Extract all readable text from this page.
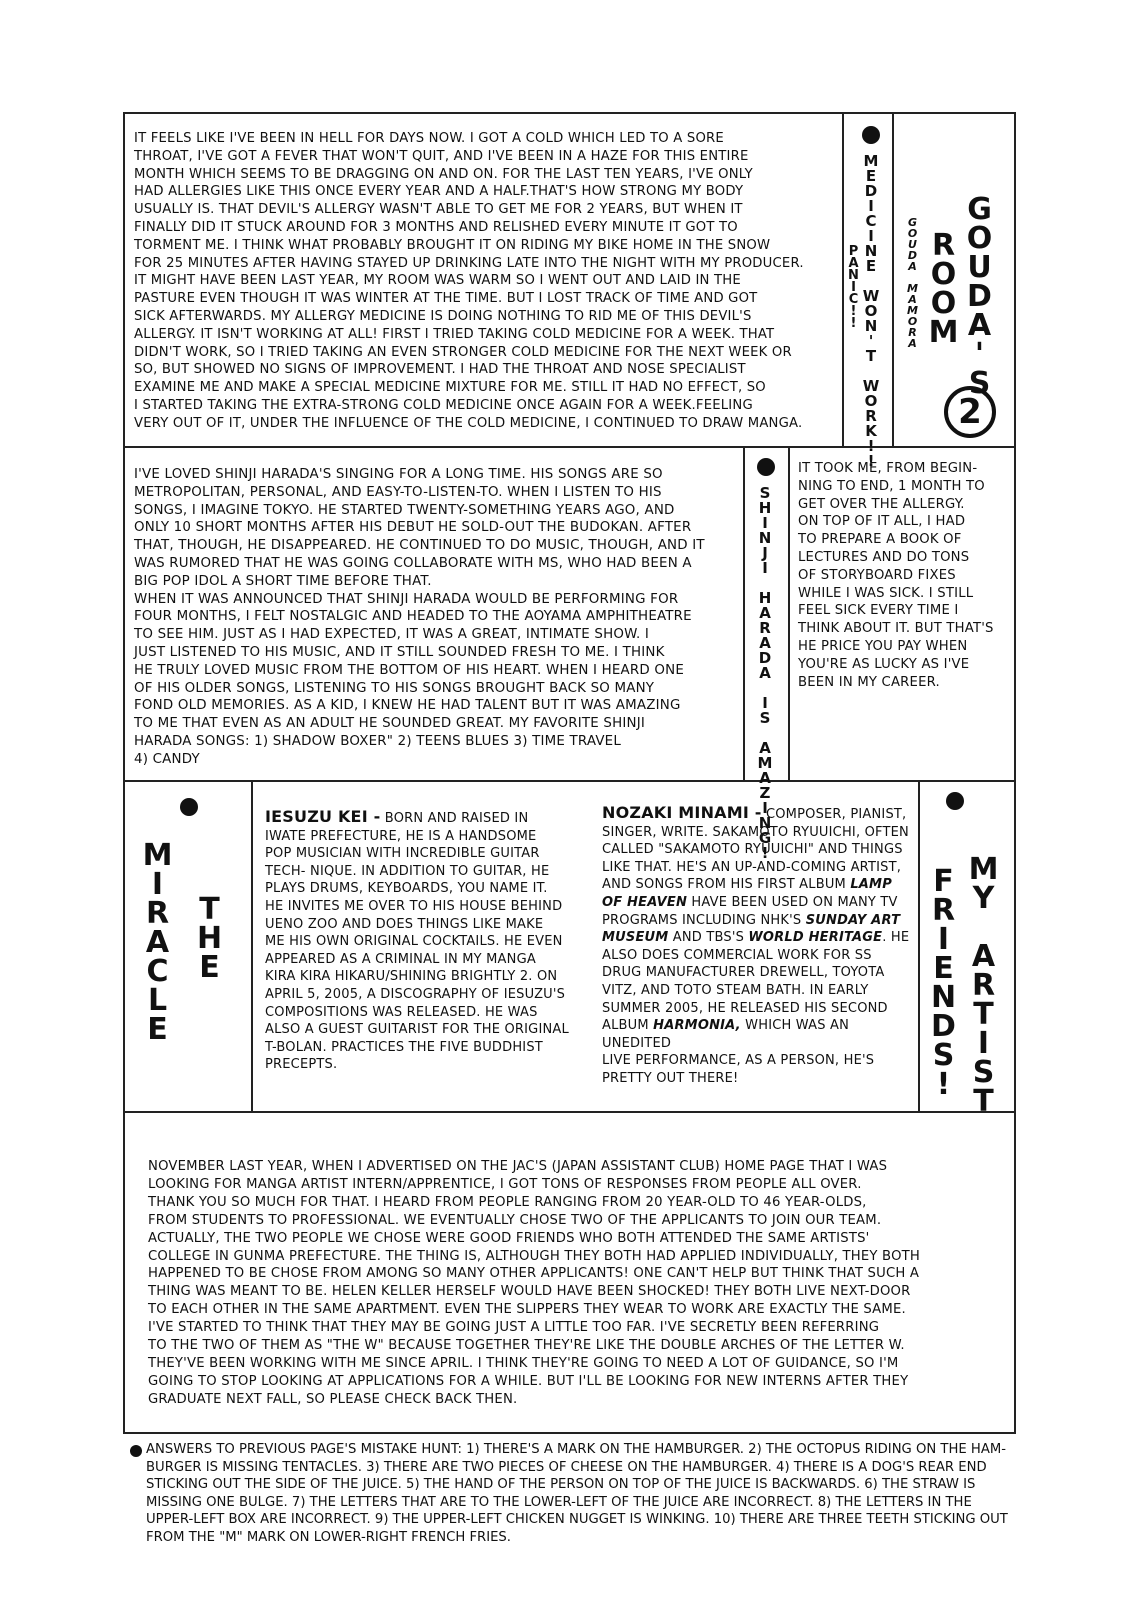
IT FEELS LIKE I'VE BEEN IN HELL FOR DAYS NOW. I GOT A COLD WHICH LED TO A SORE
THROAT, I'VE GOT A FEVER THAT WON'T QUIT, AND I'VE BEEN IN A HAZE FOR THIS ENTIRE
MONTH WHICH SEEMS TO BE DRAGGING ON AND ON. FOR THE LAST TEN YEARS, I'VE ONLY
HAD ALLERGIES LIKE THIS ONCE EVERY YEAR AND A HALF.THAT'S HOW STRONG MY BODY
USUALLY IS. THAT DEVIL'S ALLERGY WASN'T ABLE TO GET ME FOR 2 YEARS, BUT WHEN IT
FINALLY DID IT STUCK AROUND FOR 3 MONTHS AND RELISHED EVERY MINUTE IT GOT TO
TORMENT ME. I THINK WHAT PROBABLY BROUGHT IT ON RIDING MY BIKE HOME IN THE SNOW
FOR 25 MINUTES AFTER HAVING STAYED UP DRINKING LATE INTO THE NIGHT WITH MY PRODUCER.
IT MIGHT HAVE BEEN LAST YEAR, MY ROOM WAS WARM SO I WENT OUT AND LAID IN THE
PASTURE EVEN THOUGH IT WAS WINTER AT THE TIME. BUT I LOST TRACK OF TIME AND GOT
SICK AFTERWARDS. MY ALLERGY MEDICINE IS DOING NOTHING TO RID ME OF THIS DEVIL'S
ALLERGY. IT ISN'T WORKING AT ALL! FIRST I TRIED TAKING COLD MEDICINE FOR A WEEK. THAT
DIDN'T WORK, SO I TRIED TAKING AN EVEN STRONGER COLD MEDICINE FOR THE NEXT WEEK OR
SO, BUT SHOWED NO SIGNS OF IMPROVEMENT. I HAD THE THROAT AND NOSE SPECIALIST
EXAMINE ME AND MAKE A SPECIAL MEDICINE MIXTURE FOR ME. STILL IT HAD NO EFFECT, SO
I STARTED TAKING THE EXTRA-STRONG COLD MEDICINE ONCE AGAIN FOR A WEEK.FEELING
VERY OUT OF IT, UNDER THE INFLUENCE OF THE COLD MEDICINE, I CONTINUED TO DRAW MANGA.	MEDICINE WON'T WORK!!
PANIC!!	GOUDA'S
ROOM
GOUDA MAMORA
2
I'VE LOVED SHINJI HARADA'S SINGING FOR A LONG TIME. HIS SONGS ARE SO
METROPOLITAN, PERSONAL, AND EASY-TO-LISTEN-TO. WHEN I LISTEN TO HIS
SONGS, I IMAGINE TOKYO. HE STARTED TWENTY-SOMETHING YEARS AGO, AND
ONLY 10 SHORT MONTHS AFTER HIS DEBUT HE SOLD-OUT THE BUDOKAN. AFTER
THAT, THOUGH, HE DISAPPEARED. HE CONTINUED TO DO MUSIC, THOUGH, AND IT
WAS RUMORED THAT HE WAS GOING COLLABORATE WITH MS, WHO HAD BEEN A
BIG POP IDOL A SHORT TIME BEFORE THAT.
WHEN IT WAS ANNOUNCED THAT SHINJI HARADA WOULD BE PERFORMING FOR
FOUR MONTHS, I FELT NOSTALGIC AND HEADED TO THE AOYAMA AMPHITHEATRE
TO SEE HIM. JUST AS I HAD EXPECTED, IT WAS A GREAT, INTIMATE SHOW. I
JUST LISTENED TO HIS MUSIC, AND IT STILL SOUNDED FRESH TO ME. I THINK
HE TRULY LOVED MUSIC FROM THE BOTTOM OF HIS HEART. WHEN I HEARD ONE
OF HIS OLDER SONGS, LISTENING TO HIS SONGS BROUGHT BACK SO MANY
FOND OLD MEMORIES. AS A KID, I KNEW HE HAD TALENT BUT IT WAS AMAZING
TO ME THAT EVEN AS AN ADULT HE SOUNDED GREAT. MY FAVORITE SHINJI
HARADA SONGS: 1) SHADOW BOXER" 2) TEENS BLUES 3) TIME TRAVEL
4) CANDY	SHINJI HARADA IS AMAZING!
IT TOOK ME, FROM BEGIN-
NING TO END, 1 MONTH TO
GET OVER THE ALLERGY.
ON TOP OF IT ALL, I HAD
TO PREPARE A BOOK OF
LECTURES AND DO TONS
OF STORYBOARD FIXES
WHILE I WAS SICK. I STILL
FEEL SICK EVERY TIME I
THINK ABOUT IT. BUT THAT'S
HE PRICE YOU PAY WHEN
YOU'RE AS LUCKY AS I'VE
BEEN IN MY CAREER.
THE
MIRACLE
IESUZU KEI - BORN AND RAISED IN
IWATE PREFECTURE, HE IS A HANDSOME
POP MUSICIAN WITH INCREDIBLE GUITAR
TECH- NIQUE. IN ADDITION TO GUITAR, HE
PLAYS DRUMS, KEYBOARDS, YOU NAME IT.
HE INVITES ME OVER TO HIS HOUSE BEHIND
UENO ZOO AND DOES THINGS LIKE MAKE
ME HIS OWN ORIGINAL COCKTAILS. HE EVEN
APPEARED AS A CRIMINAL IN MY MANGA
KIRA KIRA HIKARU/SHINING BRIGHTLY 2. ON
APRIL 5, 2005, A DISCOGRAPHY OF IESUZU'S
COMPOSITIONS WAS RELEASED. HE WAS
ALSO A GUEST GUITARIST FOR THE ORIGINAL
T-BOLAN. PRACTICES THE FIVE BUDDHIST
PRECEPTS.
NOZAKI MINAMI - COMPOSER, PIANIST,
SINGER, WRITE. SAKAMOTO RYUUICHI, OFTEN
CALLED "SAKAMOTO RYUUICHI" AND THINGS
LIKE THAT. HE'S AN UP-AND-COMING ARTIST,
AND SONGS FROM HIS FIRST ALBUM LAMP
OF HEAVEN HAVE BEEN USED ON MANY TV
PROGRAMS INCLUDING NHK'S SUNDAY ART
MUSEUM AND TBS'S WORLD HERITAGE. HE
ALSO DOES COMMERCIAL WORK FOR SS
DRUG MANUFACTURER DREWELL, TOYOTA
VITZ, AND TOTO STEAM BATH. IN EARLY
SUMMER 2005, HE RELEASED HIS SECOND
ALBUM HARMONIA, WHICH WAS AN UNEDITED
LIVE PERFORMANCE, AS A PERSON, HE'S
PRETTY OUT THERE!	MY ARTIST
FRIENDS!
NOVEMBER LAST YEAR, WHEN I ADVERTISED ON THE JAC'S (JAPAN ASSISTANT CLUB) HOME PAGE THAT I WAS
LOOKING FOR MANGA ARTIST INTERN/APPRENTICE, I GOT TONS OF RESPONSES FROM PEOPLE ALL OVER.
THANK YOU SO MUCH FOR THAT. I HEARD FROM PEOPLE RANGING FROM 20 YEAR-OLD TO 46 YEAR-OLDS,
FROM STUDENTS TO PROFESSIONAL. WE EVENTUALLY CHOSE TWO OF THE APPLICANTS TO JOIN OUR TEAM.
ACTUALLY, THE TWO PEOPLE WE CHOSE WERE GOOD FRIENDS WHO BOTH ATTENDED THE SAME ARTISTS'
COLLEGE IN GUNMA PREFECTURE. THE THING IS, ALTHOUGH THEY BOTH HAD APPLIED INDIVIDUALLY, THEY BOTH
HAPPENED TO BE CHOSE FROM AMONG SO MANY OTHER APPLICANTS! ONE CAN'T HELP BUT THINK THAT SUCH A
THING WAS MEANT TO BE. HELEN KELLER HERSELF WOULD HAVE BEEN SHOCKED! THEY BOTH LIVE NEXT-DOOR
TO EACH OTHER IN THE SAME APARTMENT. EVEN THE SLIPPERS THEY WEAR TO WORK ARE EXACTLY THE SAME.
I'VE STARTED TO THINK THAT THEY MAY BE GOING JUST A LITTLE TOO FAR. I'VE SECRETLY BEEN REFERRING
TO THE TWO OF THEM AS "THE W" BECAUSE TOGETHER THEY'RE LIKE THE DOUBLE ARCHES OF THE LETTER W.
THEY'VE BEEN WORKING WITH ME SINCE APRIL. I THINK THEY'RE GOING TO NEED A LOT OF GUIDANCE, SO I'M
GOING TO STOP LOOKING AT APPLICATIONS FOR A WHILE. BUT I'LL BE LOOKING FOR NEW INTERNS AFTER THEY
GRADUATE NEXT FALL, SO PLEASE CHECK BACK THEN.
ANSWERS TO PREVIOUS PAGE'S MISTAKE HUNT: 1) THERE'S A MARK ON THE HAMBURGER. 2) THE OCTOPUS RIDING ON THE HAM-
BURGER IS MISSING TENTACLES. 3) THERE ARE TWO PIECES OF CHEESE ON THE HAMBURGER. 4) THERE IS A DOG'S REAR END
STICKING OUT THE SIDE OF THE JUICE. 5) THE HAND OF THE PERSON ON TOP OF THE JUICE IS BACKWARDS. 6) THE STRAW IS
MISSING ONE BULGE. 7) THE LETTERS THAT ARE TO THE LOWER-LEFT OF THE JUICE ARE INCORRECT. 8) THE LETTERS IN THE
UPPER-LEFT BOX ARE INCORRECT. 9) THE UPPER-LEFT CHICKEN NUGGET IS WINKING. 10) THERE ARE THREE TEETH STICKING OUT
FROM THE "M" MARK ON LOWER-RIGHT FRENCH FRIES.
